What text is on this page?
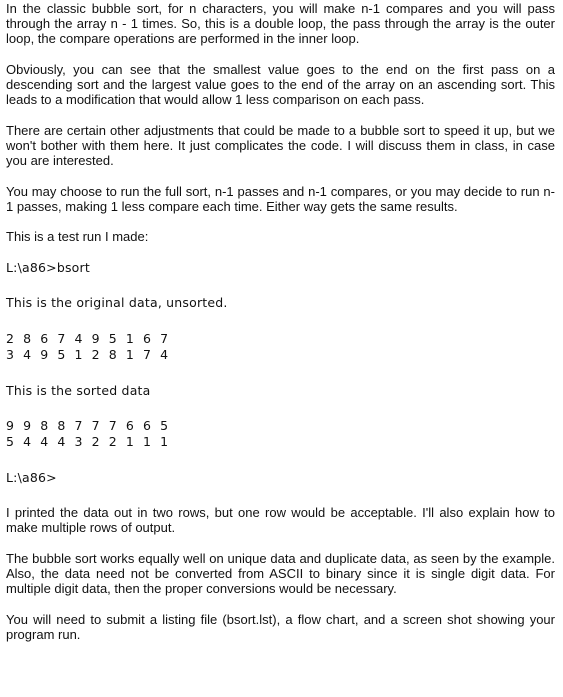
In the classic bubble sort, for n characters, you will make n-1 compares and you will pass through the array n - 1 times. So, this is a double loop, the pass through the array is the outer loop, the compare operations are performed in the inner loop.

Obviously, you can see that the smallest value goes to the end on the first pass on a descending sort and the largest value goes to the end of the array on an ascending sort. This leads to a modification that would allow 1 less comparison on each pass.

There are certain other adjustments that could be made to a bubble sort to speed it up, but we won't bother with them here. It just complicates the code. I will discuss them in class, in case you are interested.

You may choose to run the full sort, n-1 passes and n-1 compares, or you may decide to run n-1 passes, making 1 less compare each time. Either way gets the same results.

This is a test run I made:

L:\a86>bsort

This is the original data, unsorted.

2 8 6 7 4 9 5 1 6 7

3 4 9 5 1 2 8 1 7 4

This is the sorted data

9 9 8 8 7 7 7 6 6 5

5 4 4 4 3 2 2 1 1 1

L:\a86>

I printed the data out in two rows, but one row would be acceptable. I'll also explain how to make multiple rows of output.

The bubble sort works equally well on unique data and duplicate data, as seen by the example. Also, the data need not be converted from ASCII to binary since it is single digit data. For multiple digit data, then the proper conversions would be necessary.

You will need to submit a listing file (bsort.lst), a flow chart, and a screen shot showing your program run.
